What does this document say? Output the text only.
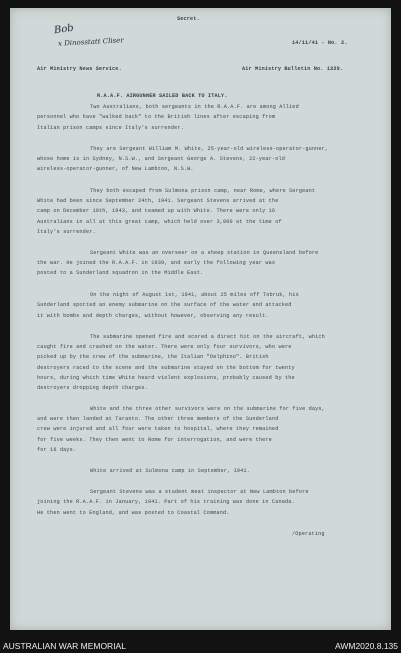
Secret.
Bob
x Dinosstatt Cliser	14/11/41 - No. 2.
Air Ministry News Service.	Air Ministry Bulletin No. 1229.
R.A.A.F. AIRGUNNER SAILED BACK TO ITALY.
Two Australians, both sergeants in the R.A.A.F. are among Allied
personnel who have "walked back" to the British lines after escaping from
Italian prison camps since Italy's surrender.
They are Sergeant William M. White, 25-year-old wireless-operator-gunner,
whose home is in Sydney, N.S.W., and Sergeant George A. Stevens, 22-year-old
wireless-operator-gunner, of New Lambton, N.S.W.
They both escaped from Sulmona prison camp, near Rome, where Sergeant
White had been since September 24th, 1941. Sergeant Stevens arrived at the
camp on December 10th, 1943, and teamed up with White. There were only 16
Australians in all at this great camp, which held over 3,000 at the time of
Italy's surrender.
Sergeant White was an overseer on a sheep station in Queensland before
the war. He joined the R.A.A.F. in 1939, and early the following year was
posted to a Sunderland squadron in the Middle East.
On the night of August 1st, 1941, about 25 miles off Tobruk, his
Sunderland spotted an enemy submarine on the surface of the water and attacked
it with bombs and depth charges, without however, observing any result.
The submarine opened fire and scored a direct hit on the aircraft, which
caught fire and crashed on the water. There were only four survivors, who were
picked up by the crew of the submarine, the Italian "Delphino". British
destroyers raced to the scene and the submarine stayed on the bottom for twenty
hours, during which time White heard violent explosions, probably caused by the
destroyers dropping depth charges.
White and the three other survivors were on the submarine for five days,
and were then landed at Taranto. The other three members of the Sunderland
crew were injured and all four were taken to hospital, where they remained
for five weeks. They then went to Rome for interrogation, and were there
for 16 days.
White arrived at Sulmona camp in September, 1941.
Sergeant Stevens was a student meat inspector at New Lambton before
joining the R.A.A.F. in January, 1941. Part of his training was done in Canada.
He then went to England, and was posted to Coastal Command.
/Operating
AUSTRALIAN WAR MEMORIAL	AWM2020.8.135
